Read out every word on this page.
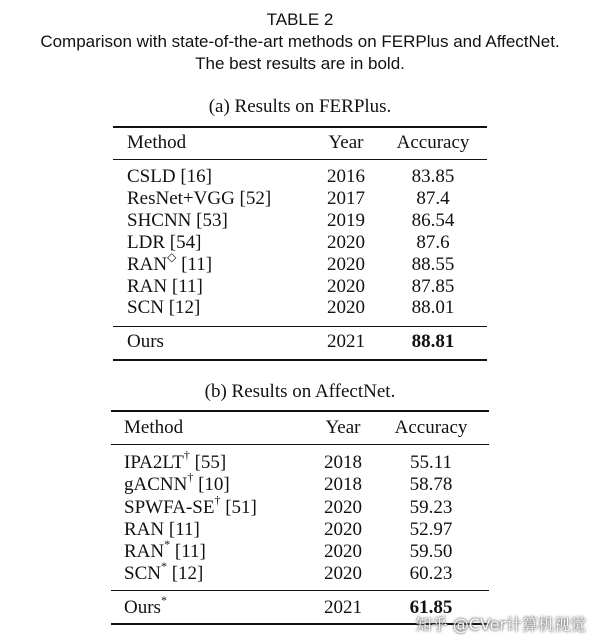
TABLE 2
Comparison with state-of-the-art methods on FERPlus and AffectNet.
The best results are in bold.
(a) Results on FERPlus.
Method	Year	Accuracy
CSLD [16]	2016	83.85
ResNet+VGG [52]	2017	87.4
SHCNN [53]	2019	86.54
LDR [54]	2020	87.6
RAN◇ [11]	2020	88.55
RAN [11]	2020	87.85
SCN [12]	2020	88.01
Ours	2021	88.81
(b) Results on AffectNet.
Method	Year	Accuracy
IPA2LT† [55]	2018	55.11
gACNN† [10]	2018	58.78
SPWFA-SE† [51]	2020	59.23
RAN [11]	2020	52.97
RAN* [11]	2020	59.50
SCN* [12]	2020	60.23
Ours*	2021	61.85
知乎 @CVer计算机视觉
